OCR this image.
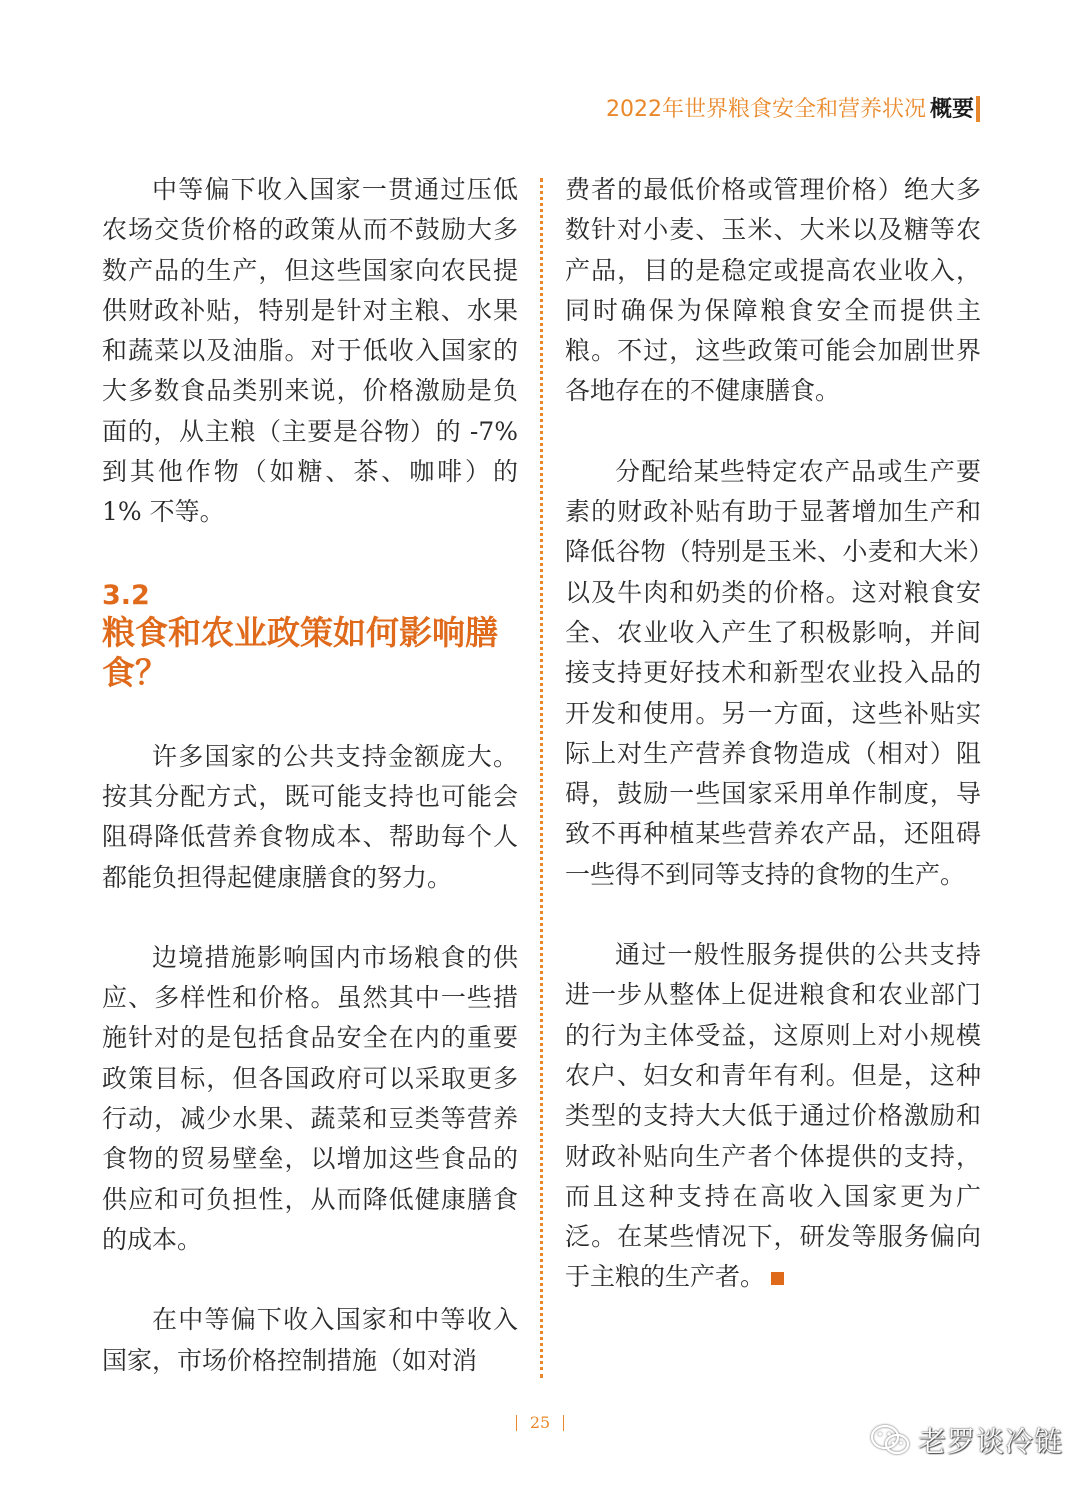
2022年世界粮食安全和营养状况 概要

中等偏下收入国家一贯通过压低农场交货价格的政策从而不鼓励大多数产品的生产，但这些国家向农民提供财政补贴，特别是针对主粮、水果和蔬菜以及油脂。对于低收入国家的大多数食品类别来说，价格激励是负面的，从主粮（主要是谷物）的 -7% 到其他作物（如糖、茶、咖啡）的 1% 不等。

3.2
粮食和农业政策如何影响膳食？

许多国家的公共支持金额庞大。按其分配方式，既可能支持也可能会阻碍降低营养食物成本、帮助每个人都能负担得起健康膳食的努力。

边境措施影响国内市场粮食的供应、多样性和价格。虽然其中一些措施针对的是包括食品安全在内的重要政策目标，但各国政府可以采取更多行动，减少水果、蔬菜和豆类等营养食物的贸易壁垒，以增加这些食品的供应和可负担性，从而降低健康膳食的成本。

在中等偏下收入国家和中等收入国家，市场价格控制措施（如对消

费者的最低价格或管理价格）绝大多数针对小麦、玉米、大米以及糖等农产品，目的是稳定或提高农业收入，同时确保为保障粮食安全而提供主粮。不过，这些政策可能会加剧世界各地存在的不健康膳食。

分配给某些特定农产品或生产要素的财政补贴有助于显著增加生产和降低谷物（特别是玉米、小麦和大米）以及牛肉和奶类的价格。这对粮食安全、农业收入产生了积极影响，并间接支持更好技术和新型农业投入品的开发和使用。另一方面，这些补贴实际上对生产营养食物造成（相对）阻碍，鼓励一些国家采用单作制度，导致不再种植某些营养农产品，还阻碍一些得不到同等支持的食物的生产。

通过一般性服务提供的公共支持进一步从整体上促进粮食和农业部门的行为主体受益，这原则上对小规模农户、妇女和青年有利。但是，这种类型的支持大大低于通过价格激励和财政补贴向生产者个体提供的支持，而且这种支持在高收入国家更为广泛。在某些情况下，研发等服务偏向于主粮的生产者。

25
老罗谈冷链
